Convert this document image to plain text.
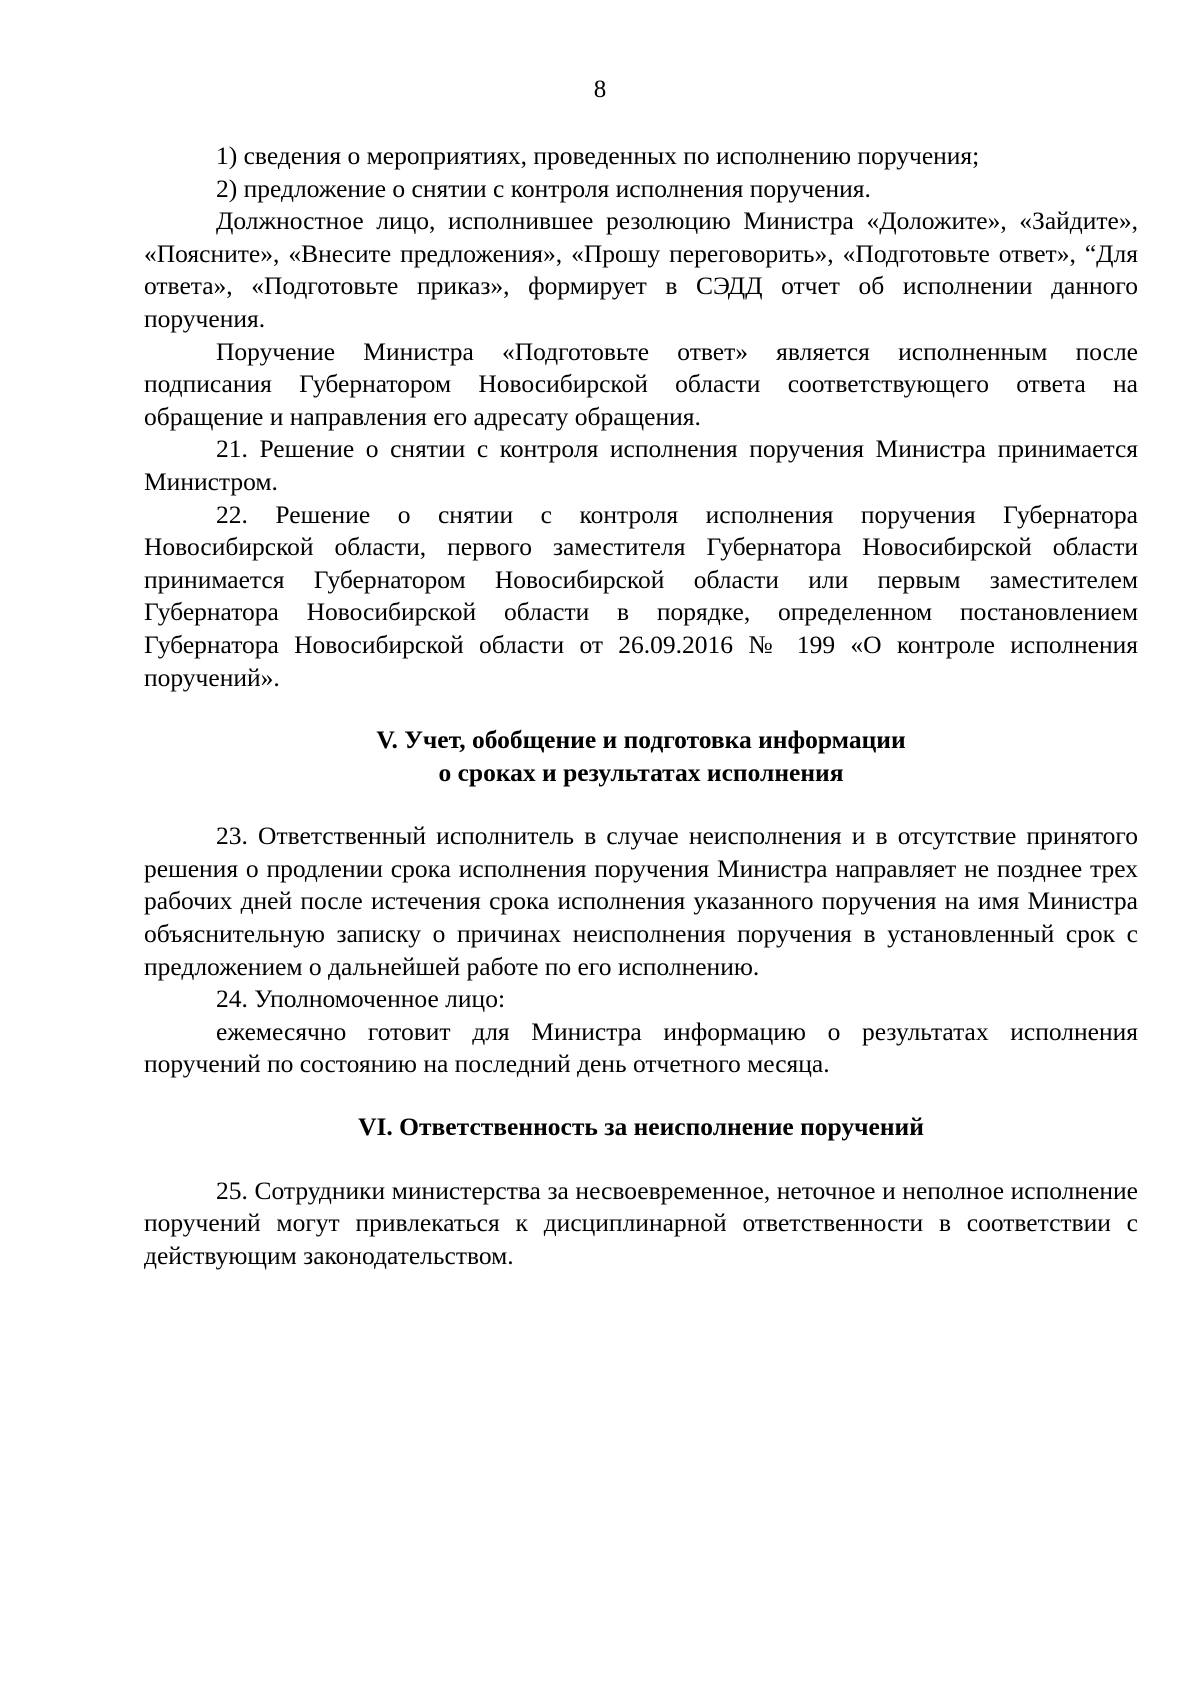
8

1) сведения о мероприятиях, проведенных по исполнению поручения;

2) предложение о снятии с контроля исполнения поручения.

Должностное лицо, исполнившее резолюцию Министра «Доложите», «Зайдите», «Поясните», «Внесите предложения», «Прошу переговорить», «Подготовьте ответ», “Для ответа», «Подготовьте приказ», формирует в СЭДД отчет об исполнении данного поручения.

Поручение Министра «Подготовьте ответ» является исполненным после подписания Губернатором Новосибирской области соответствующего ответа на обращение и направления его адресату обращения.

21. Решение о снятии с контроля исполнения поручения Министра принимается Министром.

22. Решение о снятии с контроля исполнения поручения Губернатора Новосибирской области, первого заместителя Губернатора Новосибирской области принимается Губернатором Новосибирской области или первым заместителем Губернатора Новосибирской области в порядке, определенном постановлением Губернатора Новосибирской области от 26.09.2016 № 199 «О контроле исполнения поручений».

V. Учет, обобщение и подготовка информации
о сроках и результатах исполнения

23. Ответственный исполнитель в случае неисполнения и в отсутствие принятого решения о продлении срока исполнения поручения Министра направляет не позднее трех рабочих дней после истечения срока исполнения указанного поручения на имя Министра объяснительную записку о причинах неисполнения поручения в установленный срок с предложением о дальнейшей работе по его исполнению.

24. Уполномоченное лицо:

ежемесячно готовит для Министра информацию о результатах исполнения поручений по состоянию на последний день отчетного месяца.

VI. Ответственность за неисполнение поручений

25. Сотрудники министерства за несвоевременное, неточное и неполное исполнение поручений могут привлекаться к дисциплинарной ответственности в соответствии с действующим законодательством.
